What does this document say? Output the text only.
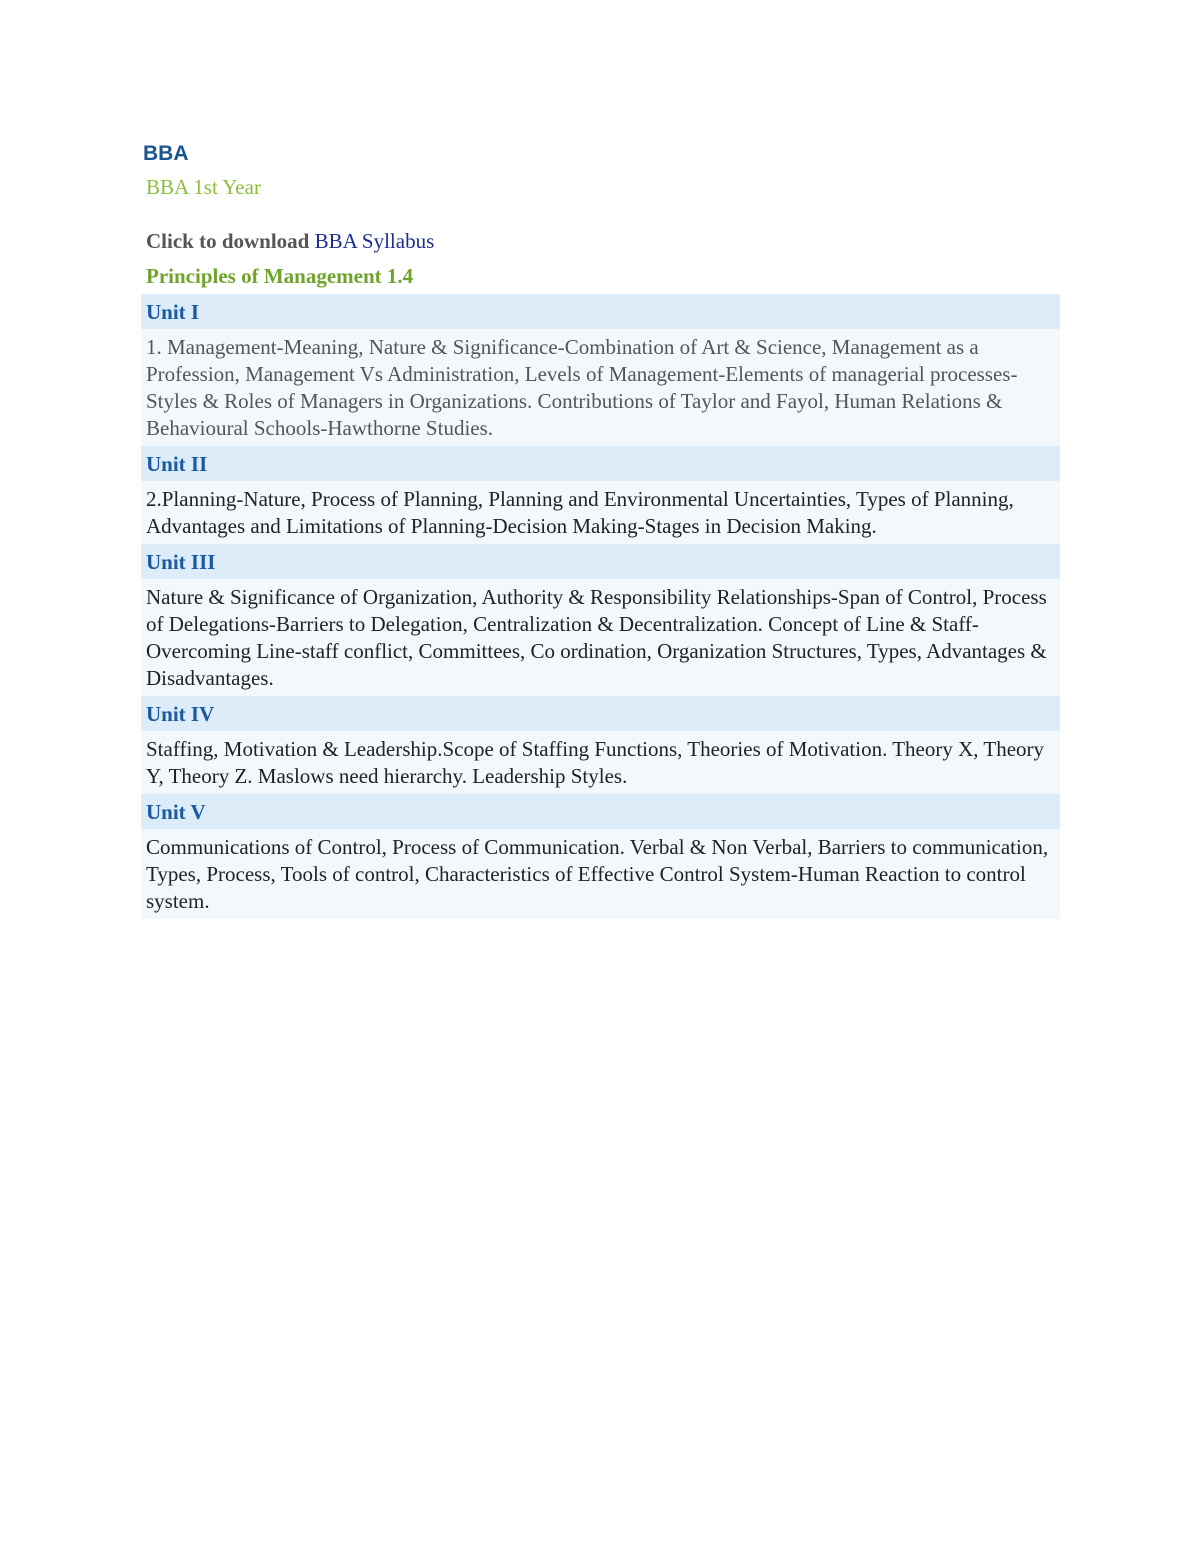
BBA
BBA 1st Year
Click to download BBA Syllabus
Principles of Management 1.4
Unit I
1. Management-Meaning, Nature & Significance-Combination of Art & Science, Management as a Profession, Management Vs Administration, Levels of Management-Elements of managerial processes-Styles & Roles of Managers in Organizations. Contributions of Taylor and Fayol, Human Relations & Behavioural Schools-Hawthorne Studies.
Unit II
2.Planning-Nature, Process of Planning, Planning and Environmental Uncertainties, Types of Planning, Advantages and Limitations of Planning-Decision Making-Stages in Decision Making.
Unit III
Nature & Significance of Organization, Authority & Responsibility Relationships-Span of Control, Process of Delegations-Barriers to Delegation, Centralization & Decentralization. Concept of Line & Staff-Overcoming Line-staff conflict, Committees, Co ordination, Organization Structures, Types, Advantages & Disadvantages.
Unit IV
Staffing, Motivation & Leadership.Scope of Staffing Functions, Theories of Motivation. Theory X, Theory Y, Theory Z. Maslows need hierarchy. Leadership Styles.
Unit V
Communications of Control, Process of Communication. Verbal & Non Verbal, Barriers to communication, Types, Process, Tools of control, Characteristics of Effective Control System-Human Reaction to control system.
